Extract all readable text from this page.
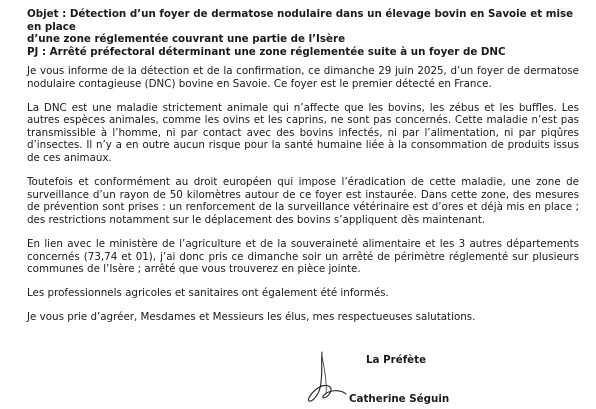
Objet : Détection d’un foyer de dermatose nodulaire dans un élevage bovin en Savoie et mise en place

d’une zone réglementée couvrant une partie de l’Isère

PJ : Arrêté préfectoral déterminant une zone réglementée suite à un foyer de DNC

Je vous informe de la détection et de la confirmation, ce dimanche 29 juin 2025, d’un foyer de dermatose nodulaire contagieuse (DNC) bovine en Savoie. Ce foyer est le premier détecté en France.

La DNC est une maladie strictement animale qui n’affecte que les bovins, les zébus et les buffles. Les autres espèces animales, comme les ovins et les caprins, ne sont pas concernés. Cette maladie n’est pas transmissible à l’homme, ni par contact avec des bovins infectés, ni par l’alimentation, ni par piqûres d’insectes. Il n’y a en outre aucun risque pour la santé humaine liée à la consommation de produits issus de ces animaux.

Toutefois et conformément au droit européen qui impose l’éradication de cette maladie, une zone de surveillance d’un rayon de 50 kilomètres autour de ce foyer est instaurée. Dans cette zone, des mesures de prévention sont prises : un renforcement de la surveillance vétérinaire est d’ores et déjà mis en place ; des restrictions notamment sur le déplacement des bovins s’appliquent dès maintenant.

En lien avec le ministère de l’agriculture et de la souveraineté alimentaire et les 3 autres départements concernés (73,74 et 01), j’ai donc pris ce dimanche soir un arrêté de périmètre réglementé sur plusieurs communes de l’Isère ; arrêté que vous trouverez en pièce jointe.

Les professionnels agricoles et sanitaires ont également été informés.

Je vous prie d’agréer, Mesdames et Messieurs les élus, mes respectueuses salutations.

La Préfète
Catherine Séguin
